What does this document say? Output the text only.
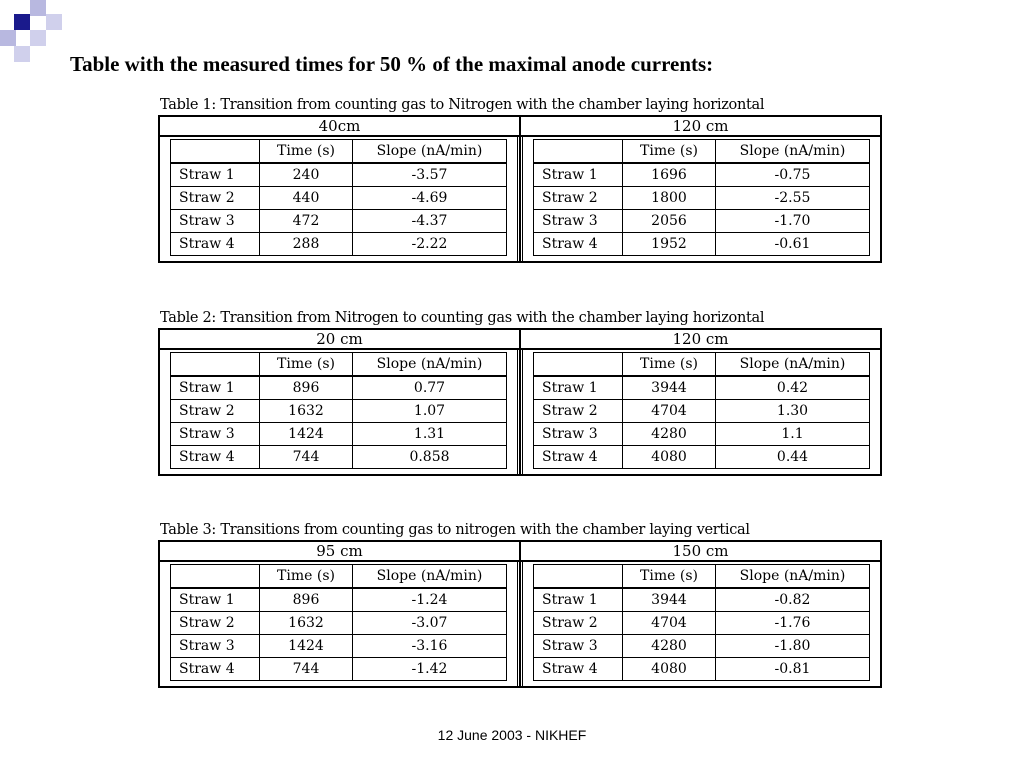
Table with the measured times for 50 % of the maximal anode currents:
Table 1: Transition from counting gas to Nitrogen with the chamber laying horizontal
40cm	120 cm
	Time (s)	Slope (nA/min)
Straw 1	240	-3.57
Straw 2	440	-4.69
Straw 3	472	-4.37
Straw 4	288	-2.22
	Time (s)	Slope (nA/min)
Straw 1	1696	-0.75
Straw 2	1800	-2.55
Straw 3	2056	-1.70
Straw 4	1952	-0.61
Table 2: Transition from Nitrogen to counting gas with the chamber laying horizontal
20 cm	120 cm
	Time (s)	Slope (nA/min)
Straw 1	896	0.77
Straw 2	1632	1.07
Straw 3	1424	1.31
Straw 4	744	0.858
	Time (s)	Slope (nA/min)
Straw 1	3944	0.42
Straw 2	4704	1.30
Straw 3	4280	1.1
Straw 4	4080	0.44
Table 3: Transitions from counting gas to nitrogen with the chamber laying vertical
95 cm	150 cm
	Time (s)	Slope (nA/min)
Straw 1	896	-1.24
Straw 2	1632	-3.07
Straw 3	1424	-3.16
Straw 4	744	-1.42
	Time (s)	Slope (nA/min)
Straw 1	3944	-0.82
Straw 2	4704	-1.76
Straw 3	4280	-1.80
Straw 4	4080	-0.81
12 June 2003 - NIKHEF
